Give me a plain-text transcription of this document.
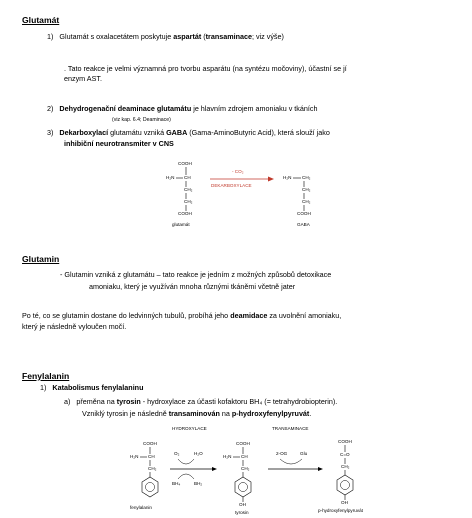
Glutamát
1) Glutamát s oxalacetátem poskytuje aspartát (transaminace; viz výše)
. Tato reakce je velmi významná pro tvorbu asparátu (na syntézu močoviny), účastní se jí
enzym AST.
2) Dehydrogenační deaminace glutamátu je hlavním zdrojem amoniaku v tkáních
(viz kap. 6.4; Deaminace)
3) Dekarboxylací glutamátu vzniká GABA (Gama-AminoButyric Acid), která slouží jako
inhibiční neurotransmiter v CNS
COOH
H₂N CH
CH₂
CH₂
COOH
glutamát
- CO₂
DEKARBOXYLACE
H₂N CH₂
CH₂
CH₂
COOH
GABA
Glutamin
- Glutamin vzniká z glutamátu – tato reakce je jedním z možných způsobů detoxikace
amoniaku, který je využíván mnoha různými tkáněmi včetně jater
Po té, co se glutamin dostane do ledvinných tubulů, probíhá jeho deamidace za uvolnění amoniaku,
který je následně vyloučen močí.
Fenylalanin
1) Katabolismus fenylalaninu
a) přeměna na tyrosin - hydroxylace za účasti kofaktoru BH₄ (= tetrahydrobiopterin).
Vzniklý tyrosin je následně transaminován na p-hydroxyfenylpyruvát.
HYDROXYLACE	TRANSAMINACE
COOH
H₂N CH
CH₂
fenylalanin
O₂	H₂O
BH₄	BH₂
COOH
H₂N CH
CH₂
OH
tyrosin
2-OG	Glu
COOH
C=O
CH₂
OH
p-hydroxyfenylpyruvát
